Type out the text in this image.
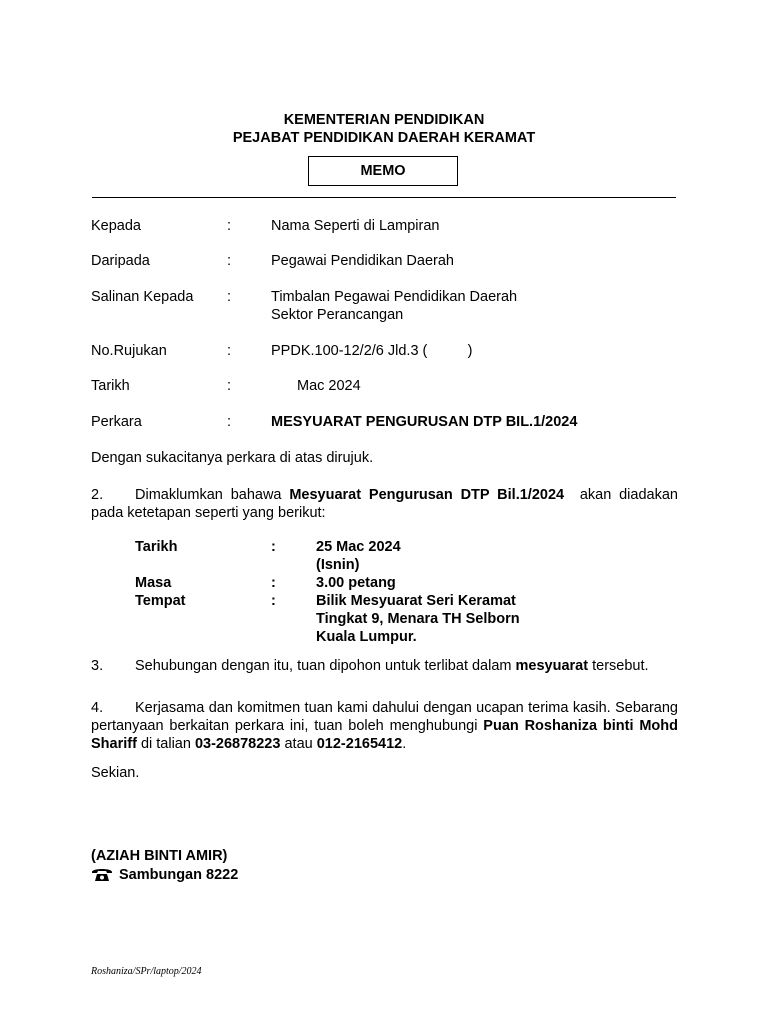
KEMENTERIAN PENDIDIKAN
PEJABAT PENDIDIKAN DAERAH KERAMAT
MEMO
Kepada	:	Nama Seperti di Lampiran
Daripada	:	Pegawai Pendidikan Daerah
Salinan Kepada :	Timbalan Pegawai Pendidikan Daerah
Sektor Perancangan
No.Rujukan	:	PPDK.100-12/2/6 Jld.3 (          )
Tarikh	:	Mac 2024
Perkara	:	MESYUARAT PENGURUSAN DTP BIL.1/2024
Dengan sukacitanya perkara di atas dirujuk.
2. Dimaklumkan bahawa Mesyuarat Pengurusan DTP Bil.1/2024  akan diadakan pada ketetapan seperti yang berikut:
Tarikh	:	25 Mac 2024
(Isnin)
Masa	:	3.00 petang
Tempat	:	Bilik Mesyuarat Seri Keramat
Tingkat 9, Menara TH Selborn
Kuala Lumpur.
3. Sehubungan dengan itu, tuan dipohon untuk terlibat dalam mesyuarat tersebut.
4. Kerjasama dan komitmen tuan kami dahului dengan ucapan terima kasih. Sebarang pertanyaan berkaitan perkara ini, tuan boleh menghubungi Puan Roshaniza binti Mohd Shariff di talian 03-26878223 atau 012-2165412.
Sekian.
(AZIAH BINTI AMIR)
Sambungan 8222
Roshaniza/SPr/laptop/2024
